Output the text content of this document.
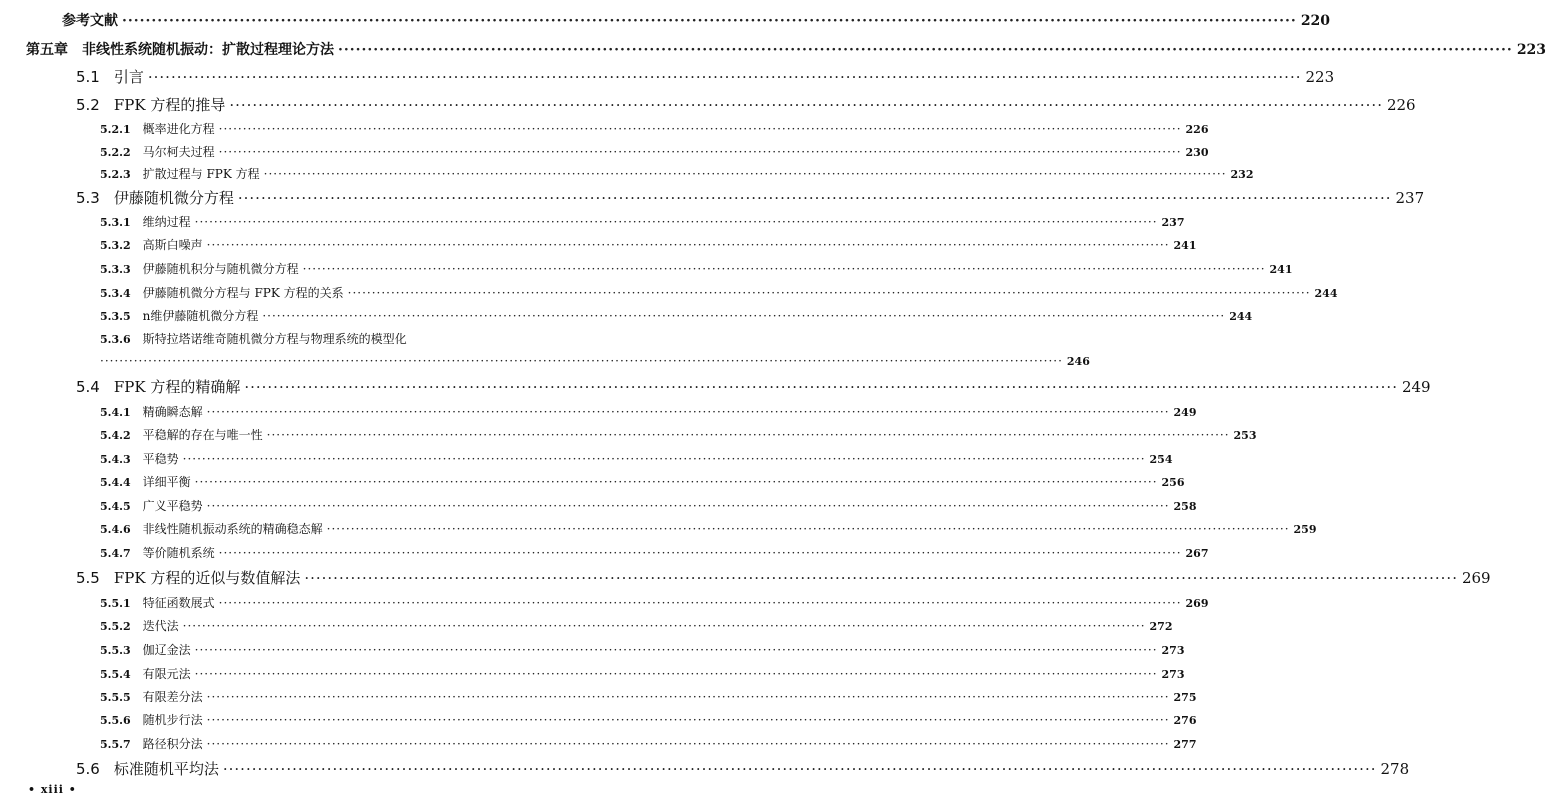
参考文献 ········································································································································································································ 220
第五章 非线性系统随机振动：扩散过程理论方法 ········································································································································································································ 223
5.1 引言 ········································································································································································································ 223
5.2 FPK 方程的推导 ········································································································································································································ 226
5.2.1 概率进化方程 ········································································································································································································ 226
5.2.2 马尔柯夫过程 ········································································································································································································ 230
5.2.3 扩散过程与 FPK 方程 ········································································································································································································ 232
5.3 伊藤随机微分方程 ········································································································································································································ 237
5.3.1 维纳过程 ········································································································································································································ 237
5.3.2 高斯白噪声 ········································································································································································································ 241
5.3.3 伊藤随机积分与随机微分方程 ········································································································································································································ 241
5.3.4 伊藤随机微分方程与 FPK 方程的关系 ········································································································································································································ 244
5.3.5 n维伊藤随机微分方程 ········································································································································································································ 244
5.3.6 斯特拉塔诺维奇随机微分方程与物理系统的模型化
········································································································································································································ 246
5.4 FPK 方程的精确解 ········································································································································································································ 249
5.4.1 精确瞬态解 ········································································································································································································ 249
5.4.2 平稳解的存在与唯一性 ········································································································································································································ 253
5.4.3 平稳势 ········································································································································································································ 254
5.4.4 详细平衡 ········································································································································································································ 256
5.4.5 广义平稳势 ········································································································································································································ 258
5.4.6 非线性随机振动系统的精确稳态解 ········································································································································································································ 259
5.4.7 等价随机系统 ········································································································································································································ 267
5.5 FPK 方程的近似与数值解法 ········································································································································································································ 269
5.5.1 特征函数展式 ········································································································································································································ 269
5.5.2 迭代法 ········································································································································································································ 272
5.5.3 伽辽金法 ········································································································································································································ 273
5.5.4 有限元法 ········································································································································································································ 273
5.5.5 有限差分法 ········································································································································································································ 275
5.5.6 随机步行法 ········································································································································································································ 276
5.5.7 路径积分法 ········································································································································································································ 277
5.6 标准随机平均法 ········································································································································································································ 278
• xiii •
